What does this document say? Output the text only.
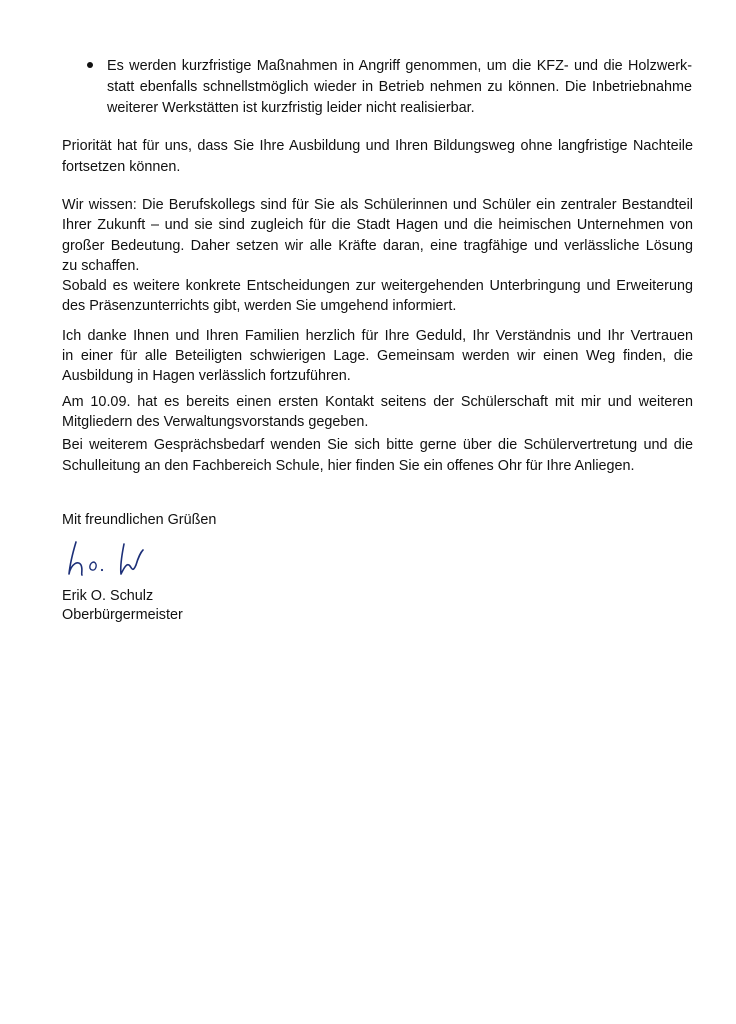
Es werden kurzfristige Maßnahmen in Angriff genommen, um die KFZ- und die Holzwerk-

statt ebenfalls schnellstmöglich wieder in Betrieb nehmen zu können. Die Inbetriebnahme

weiterer Werkstätten ist kurzfristig leider nicht realisierbar.

Priorität hat für uns, dass Sie Ihre Ausbildung und Ihren Bildungsweg ohne langfristige Nachteile

fortsetzen können.

Wir wissen: Die Berufskollegs sind für Sie als Schülerinnen und Schüler ein zentraler Bestandteil

Ihrer Zukunft – und sie sind zugleich für die Stadt Hagen und die heimischen Unternehmen von

großer Bedeutung. Daher setzen wir alle Kräfte daran, eine tragfähige und verlässliche Lösung

zu schaffen.

Sobald es weitere konkrete Entscheidungen zur weitergehenden Unterbringung und Erweiterung

des Präsenzunterrichts gibt, werden Sie umgehend informiert.

Ich danke Ihnen und Ihren Familien herzlich für Ihre Geduld, Ihr Verständnis und Ihr Vertrauen

in einer für alle Beteiligten schwierigen Lage. Gemeinsam werden wir einen Weg finden, die

Ausbildung in Hagen verlässlich fortzuführen.

Am 10.09. hat es bereits einen ersten Kontakt seitens der Schülerschaft mit mir und weiteren

Mitgliedern des Verwaltungsvorstands gegeben.

Bei weiterem Gesprächsbedarf wenden Sie sich bitte gerne über die Schülervertretung und die

Schulleitung an den Fachbereich Schule, hier finden Sie ein offenes Ohr für Ihre Anliegen.

Mit freundlichen Grüßen

Erik O. Schulz

Oberbürgermeister
